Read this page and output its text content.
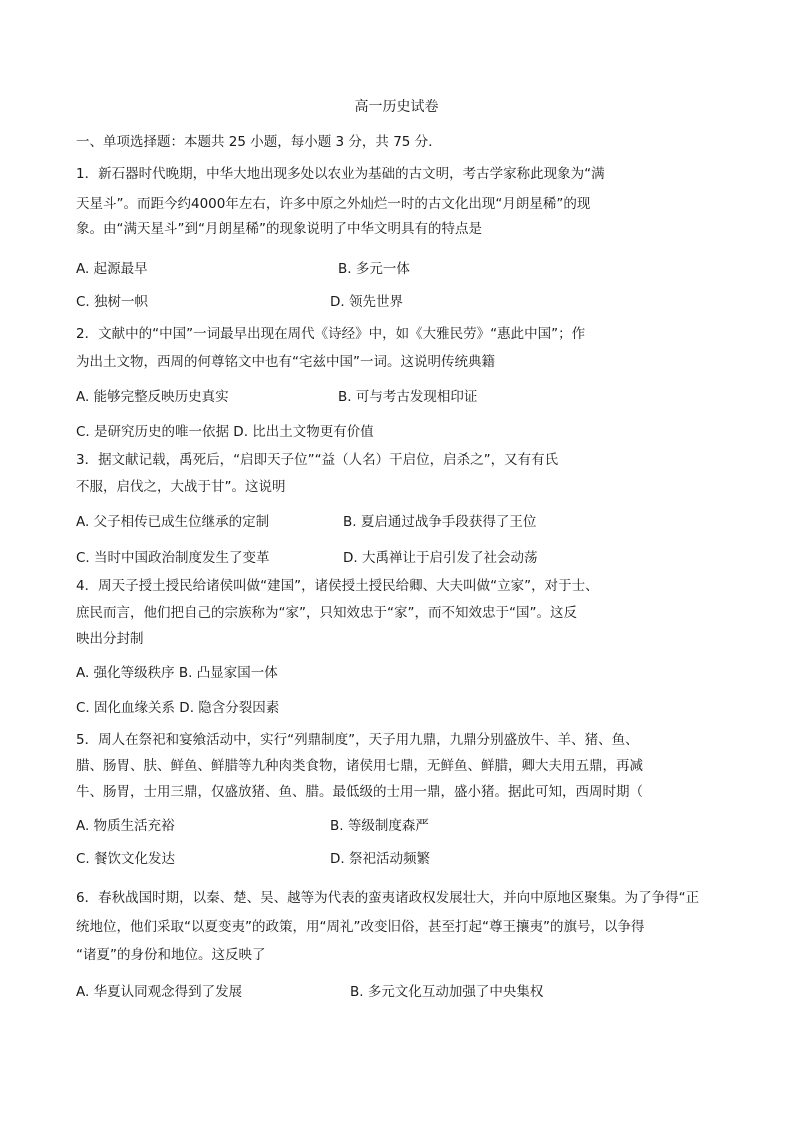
高一历史试卷
一、单项选择题：本题共 25 小题，每小题 3 分，共 75 分．
1．新石器时代晚期，中华大地出现多处以农业为基础的古文明，考古学家称此现象为“满
天星斗”。而距今约4000年左右，许多中原之外灿烂一时的古文化出现“月朗星稀”的现
象。由“满天星斗”到“月朗星稀”的现象说明了中华文明具有的特点是
A. 起源最早	B. 多元一体
C. 独树一帜	D. 领先世界
2．文献中的“中国”一词最早出现在周代《诗经》中，如《大雅民劳》“惠此中国”；作
为出土文物，西周的何尊铭文中也有“宅兹中国”一词。这说明传统典籍
A. 能够完整反映历史真实	B. 可与考古发现相印证
C. 是研究历史的唯一依据 D. 比出土文物更有价值
3．据文献记载，禹死后，“启即天子位”“益（人名）干启位，启杀之”，又有有氏
不服，启伐之，大战于甘”。这说明
A. 父子相传已成生位继承的定制	B. 夏启通过战争手段获得了王位
C. 当时中国政治制度发生了变革	D. 大禹禅让于启引发了社会动荡
4．周天子授土授民给诸侯叫做“建国”，诸侯授土授民给卿、大夫叫做“立家”，对于士、
庶民而言，他们把自己的宗族称为“家”，只知效忠于“家”，而不知效忠于“国”。这反
映出分封制
A. 强化等级秩序 B. 凸显家国一体
C. 固化血缘关系 D. 隐含分裂因素
5．周人在祭祀和宴飨活动中，实行“列鼎制度”，天子用九鼎，九鼎分别盛放牛、羊、猪、鱼、
腊、肠胃、肤、鲜鱼、鲜腊等九种肉类食物，诸侯用七鼎，无鲜鱼、鲜腊，卿大夫用五鼎，再减
牛、肠胃，士用三鼎，仅盛放猪、鱼、腊。最低级的士用一鼎，盛小猪。据此可知，西周时期（
A. 物质生活充裕	B. 等级制度森严
C. 餐饮文化发达	D. 祭祀活动频繁
6．春秋战国时期，以秦、楚、吴、越等为代表的蛮夷诸政权发展壮大，并向中原地区聚集。为了争得“正
统地位，他们采取“以夏变夷”的政策，用“周礼”改变旧俗，甚至打起“尊王攘夷”的旗号，以争得
“诸夏”的身份和地位。这反映了
A. 华夏认同观念得到了发展	B. 多元文化互动加强了中央集权
